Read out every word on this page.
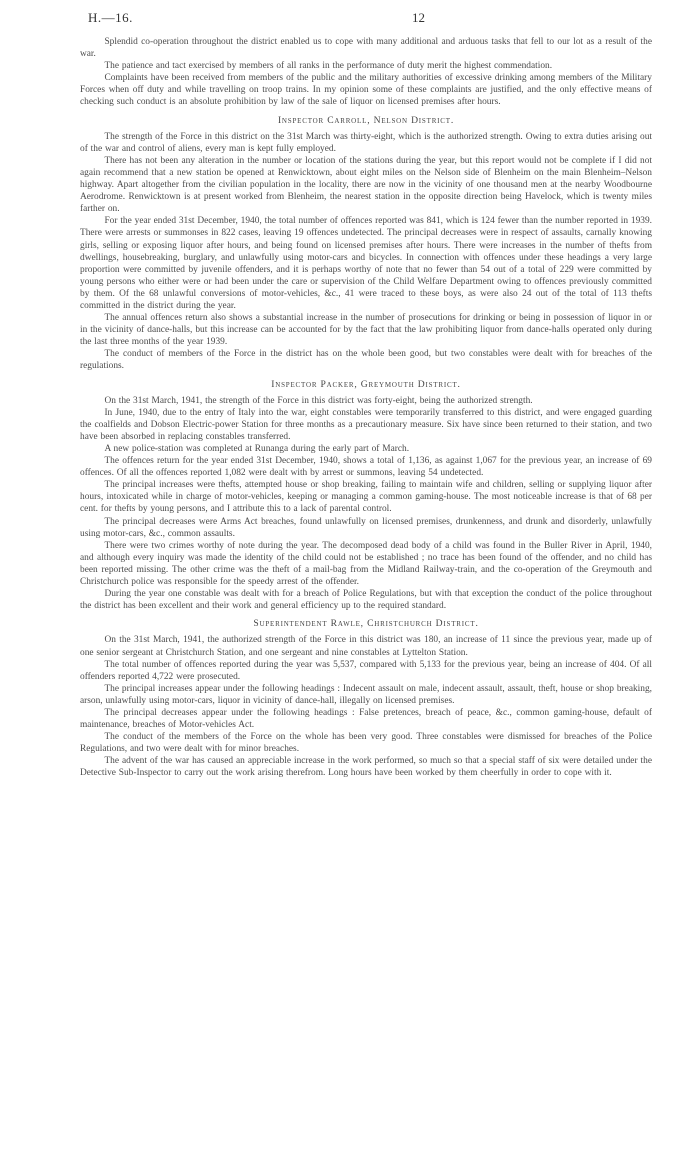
H.—16.	12

Splendid co-operation throughout the district enabled us to cope with many additional and arduous tasks that fell to our lot as a result of the war.

The patience and tact exercised by members of all ranks in the performance of duty merit the highest commendation.

Complaints have been received from members of the public and the military authorities of excessive drinking among members of the Military Forces when off duty and while travelling on troop trains. In my opinion some of these complaints are justified, and the only effective means of checking such conduct is an absolute prohibition by law of the sale of liquor on licensed premises after hours.

Inspector Carroll, Nelson District.

The strength of the Force in this district on the 31st March was thirty-eight, which is the authorized strength. Owing to extra duties arising out of the war and control of aliens, every man is kept fully employed.

There has not been any alteration in the number or location of the stations during the year, but this report would not be complete if I did not again recommend that a new station be opened at Renwicktown, about eight miles on the Nelson side of Blenheim on the main Blenheim–Nelson highway. Apart altogether from the civilian population in the locality, there are now in the vicinity of one thousand men at the nearby Woodbourne Aerodrome. Renwicktown is at present worked from Blenheim, the nearest station in the opposite direction being Havelock, which is twenty miles farther on.

For the year ended 31st December, 1940, the total number of offences reported was 841, which is 124 fewer than the number reported in 1939. There were arrests or summonses in 822 cases, leaving 19 offences undetected. The principal decreases were in respect of assaults, carnally knowing girls, selling or exposing liquor after hours, and being found on licensed premises after hours. There were increases in the number of thefts from dwellings, housebreaking, burglary, and unlawfully using motor-cars and bicycles. In connection with offences under these headings a very large proportion were committed by juvenile offenders, and it is perhaps worthy of note that no fewer than 54 out of a total of 229 were committed by young persons who either were or had been under the care or supervision of the Child Welfare Department owing to offences previously committed by them. Of the 68 unlawful conversions of motor-vehicles, &c., 41 were traced to these boys, as were also 24 out of the total of 113 thefts committed in the district during the year.

The annual offences return also shows a substantial increase in the number of prosecutions for drinking or being in possession of liquor in or in the vicinity of dance-halls, but this increase can be accounted for by the fact that the law prohibiting liquor from dance-halls operated only during the last three months of the year 1939.

The conduct of members of the Force in the district has on the whole been good, but two constables were dealt with for breaches of the regulations.

Inspector Packer, Greymouth District.

On the 31st March, 1941, the strength of the Force in this district was forty-eight, being the authorized strength.

In June, 1940, due to the entry of Italy into the war, eight constables were temporarily transferred to this district, and were engaged guarding the coalfields and Dobson Electric-power Station for three months as a precautionary measure. Six have since been returned to their station, and two have been absorbed in replacing constables transferred.

A new police-station was completed at Runanga during the early part of March.

The offences return for the year ended 31st December, 1940, shows a total of 1,136, as against 1,067 for the previous year, an increase of 69 offences. Of all the offences reported 1,082 were dealt with by arrest or summons, leaving 54 undetected.

The principal increases were thefts, attempted house or shop breaking, failing to maintain wife and children, selling or supplying liquor after hours, intoxicated while in charge of motor-vehicles, keeping or managing a common gaming-house. The most noticeable increase is that of 68 per cent. for thefts by young persons, and I attribute this to a lack of parental control.

The principal decreases were Arms Act breaches, found unlawfully on licensed premises, drunkenness, and drunk and disorderly, unlawfully using motor-cars, &c., common assaults.

There were two crimes worthy of note during the year. The decomposed dead body of a child was found in the Buller River in April, 1940, and although every inquiry was made the identity of the child could not be established ; no trace has been found of the offender, and no child has been reported missing. The other crime was the theft of a mail-bag from the Midland Railway-train, and the co-operation of the Greymouth and Christchurch police was responsible for the speedy arrest of the offender.

During the year one constable was dealt with for a breach of Police Regulations, but with that exception the conduct of the police throughout the district has been excellent and their work and general efficiency up to the required standard.

Superintendent Rawle, Christchurch District.

On the 31st March, 1941, the authorized strength of the Force in this district was 180, an increase of 11 since the previous year, made up of one senior sergeant at Christchurch Station, and one sergeant and nine constables at Lyttelton Station.

The total number of offences reported during the year was 5,537, compared with 5,133 for the previous year, being an increase of 404. Of all offenders reported 4,722 were prosecuted.

The principal increases appear under the following headings : Indecent assault on male, indecent assault, assault, theft, house or shop breaking, arson, unlawfully using motor-cars, liquor in vicinity of dance-hall, illegally on licensed premises.

The principal decreases appear under the following headings : False pretences, breach of peace, &c., common gaming-house, default of maintenance, breaches of Motor-vehicles Act.

The conduct of the members of the Force on the whole has been very good. Three constables were dismissed for breaches of the Police Regulations, and two were dealt with for minor breaches.

The advent of the war has caused an appreciable increase in the work performed, so much so that a special staff of six were detailed under the Detective Sub-Inspector to carry out the work arising therefrom. Long hours have been worked by them cheerfully in order to cope with it.
